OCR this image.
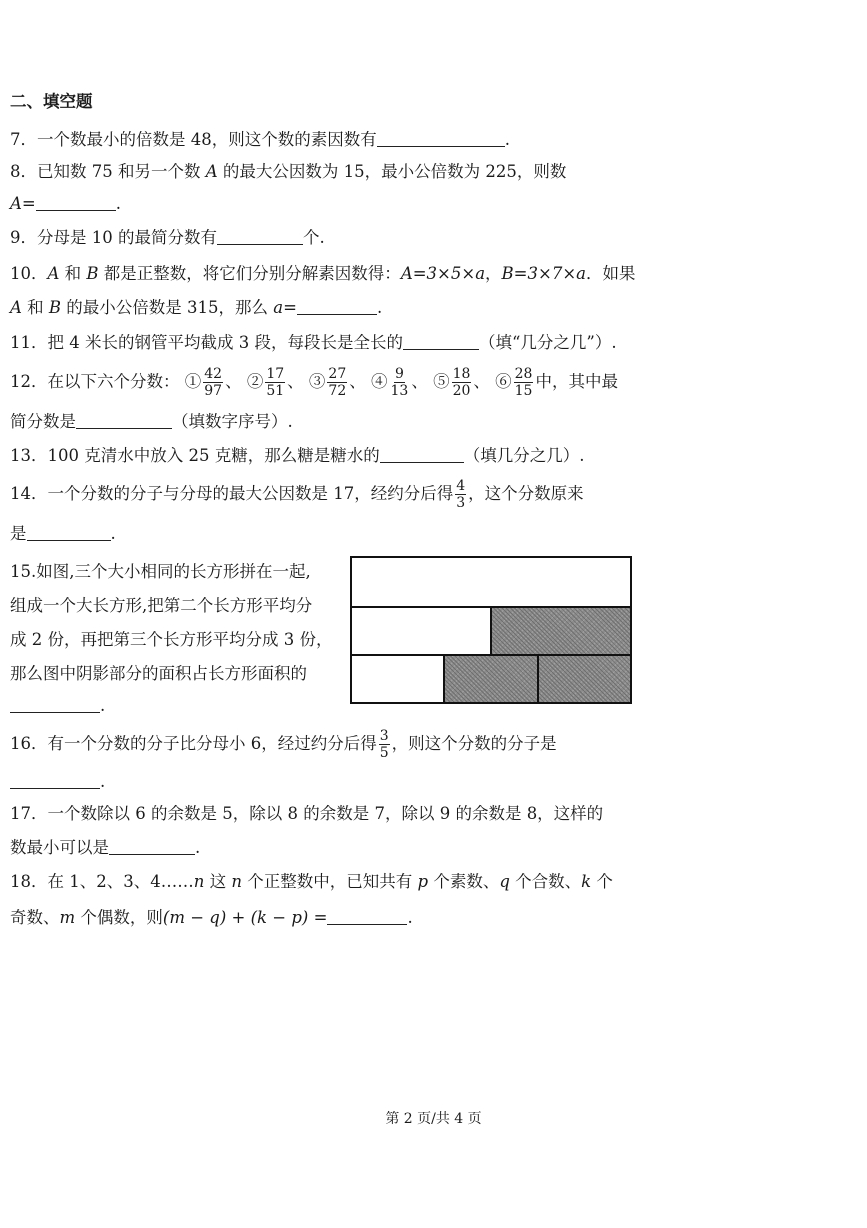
二、填空题
7．一个数最小的倍数是 48，则这个数的素因数有	.
8．已知数 75 和另一个数 A 的最大公因数为 15，最小公倍数为 225，则数
A=	.
9．分母是 10 的最简分数有	个.
10．A 和 B 都是正整数，将它们分别分解素因数得：A=3×5×a，B=3×7×a．如果
A 和 B 的最小公倍数是 315，那么 a=	.
11．把 4 米长的钢管平均截成 3 段，每段长是全长的	（填“几分之几”）.
12．在以下六个分数： ① $\frac{42}{97}$ 、 ② $\frac{17}{51}$ 、 ③ $\frac{27}{72}$ 、 ④ $\frac{9}{13}$ 、 ⑤ $\frac{18}{20}$ 、 ⑥ $\frac{28}{15}$ 中，其中最
简分数是	（填数字序号）.
13．100 克清水中放入 25 克糖，那么糖是糖水的	（填几分之几）.
14．一个分数的分子与分母的最大公因数是 17，经约分后得 $\frac{4}{3}$ ，这个分数原来
是	.
15.如图,三个大小相同的长方形拼在一起,
组成一个大长方形,把第二个长方形平均分
成 2 份，再把第三个长方形平均分成 3 份，
那么图中阴影部分的面积占长方形面积的
.
16．有一个分数的分子比分母小 6，经过约分后得 $\frac{3}{5}$ ，则这个分数的分子是
.
17．一个数除以 6 的余数是 5，除以 8 的余数是 7，除以 9 的余数是 8，这样的
数最小可以是	.
18．在 1、2、3、4……n 这 n 个正整数中，已知共有 p 个素数、q 个合数、k 个
奇数、m 个偶数，则(m − q) + (k − p) =	.
第 2 页/共 4 页
